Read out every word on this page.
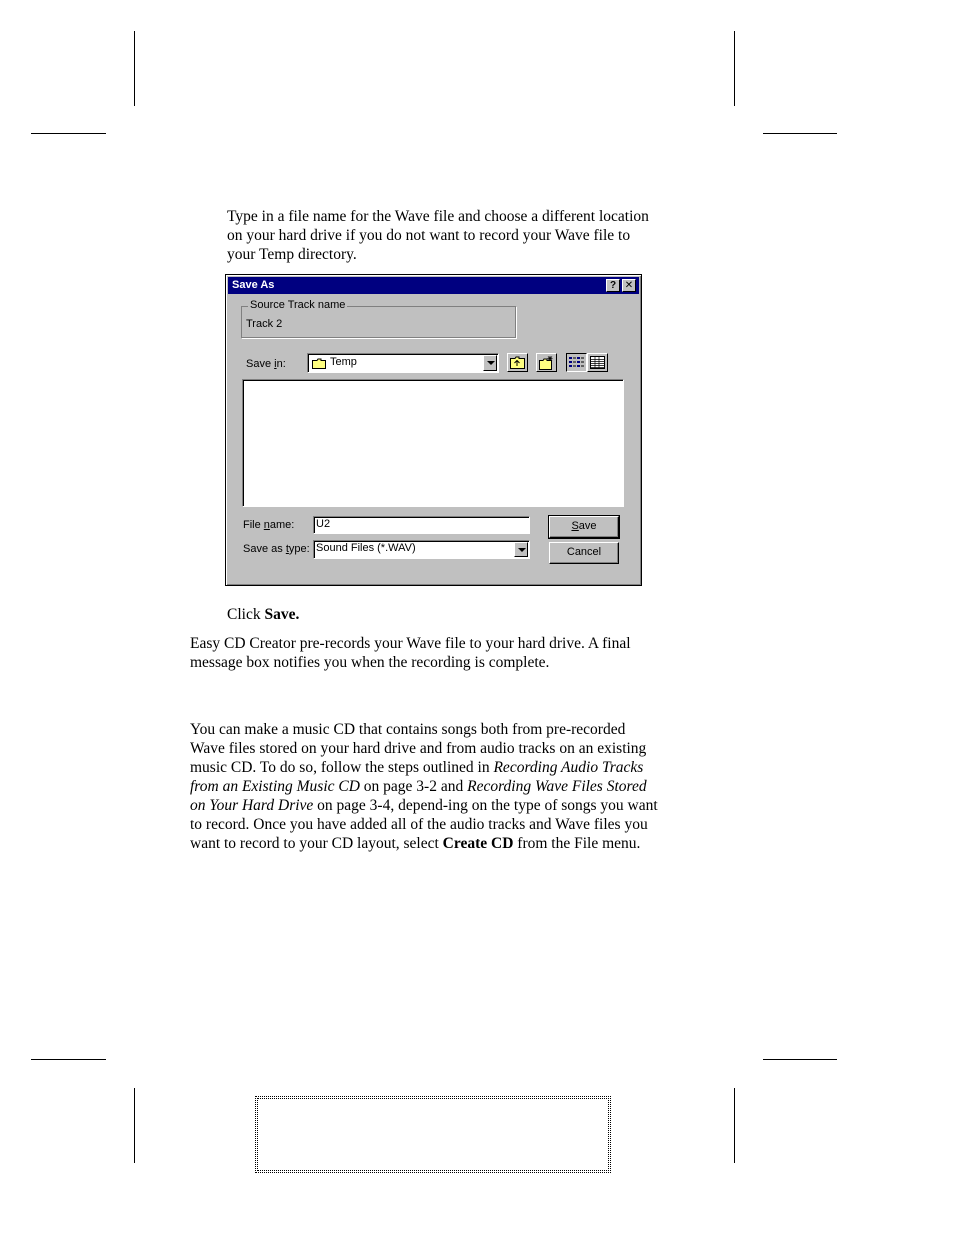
Type in a file name for the Wave file and choose a different location on your hard drive if you do not want to record your Wave file to your Temp directory.

Save As	? ✕
Source Track name
Track 2
Save in:	Temp
File name: U2
Save as type: Sound Files (*.WAV)
Save
Cancel

Click Save.

Easy CD Creator pre-records your Wave file to your hard drive. A final message box notifies you when the recording is complete.

You can make a music CD that contains songs both from pre-recorded Wave files stored on your hard drive and from audio tracks on an existing music CD. To do so, follow the steps outlined in Recording Audio Tracks from an Existing Music CD on page 3-2 and Recording Wave Files Stored on Your Hard Drive on page 3-4, depend-ing on the type of songs you want to record. Once you have added all of the audio tracks and Wave files you want to record to your CD layout, select Create CD from the File menu.
